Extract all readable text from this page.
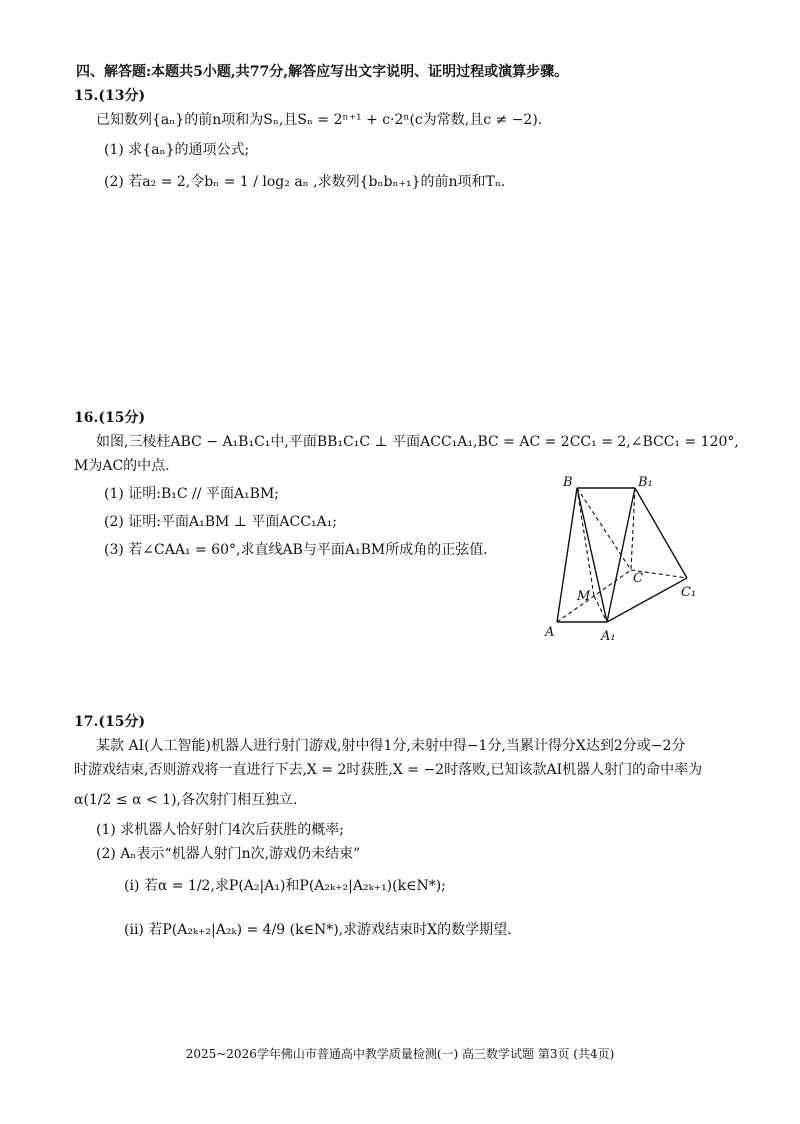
四、解答题:本题共5小题,共77分,解答应写出文字说明、证明过程或演算步骤。
15.(13分)
已知数列{aₙ}的前n项和为Sₙ,且Sₙ = 2ⁿ⁺¹ + c·2ⁿ(c为常数,且c ≠ −2).
(1) 求{aₙ}的通项公式;
(2) 若a₂ = 2,令bₙ = 1 / log₂ aₙ ,求数列{bₙbₙ₊₁}的前n项和Tₙ.
16.(15分)
如图,三棱柱ABC − A₁B₁C₁中,平面BB₁C₁C ⊥ 平面ACC₁A₁,BC = AC = 2CC₁ = 2,∠BCC₁ = 120°,
M为AC的中点.
(1) 证明:B₁C // 平面A₁BM;
(2) 证明:平面A₁BM ⊥ 平面ACC₁A₁;
(3) 若∠CAA₁ = 60°,求直线AB与平面A₁BM所成角的正弦值.
B	B₁
C
C₁
M
A	A₁
17.(15分)
某款 AI(人工智能)机器人进行射门游戏,射中得1分,未射中得−1分,当累计得分X达到2分或−2分
时游戏结束,否则游戏将一直进行下去,X = 2时获胜,X = −2时落败,已知该款AI机器人射门的命中率为
α(1/2 ≤ α < 1),各次射门相互独立.
(1) 求机器人恰好射门4次后获胜的概率;
(2) Aₙ表示“机器人射门n次,游戏仍未结束”
(i) 若α = 1/2,求P(A₂|A₁)和P(A₂ₖ₊₂|A₂ₖ₊₁)(k∈N*);
(ii) 若P(A₂ₖ₊₂|A₂ₖ) = 4/9 (k∈N*),求游戏结束时X的数学期望.
2025~2026学年佛山市普通高中教学质量检测(一) 高三数学试题 第3页 (共4页)
